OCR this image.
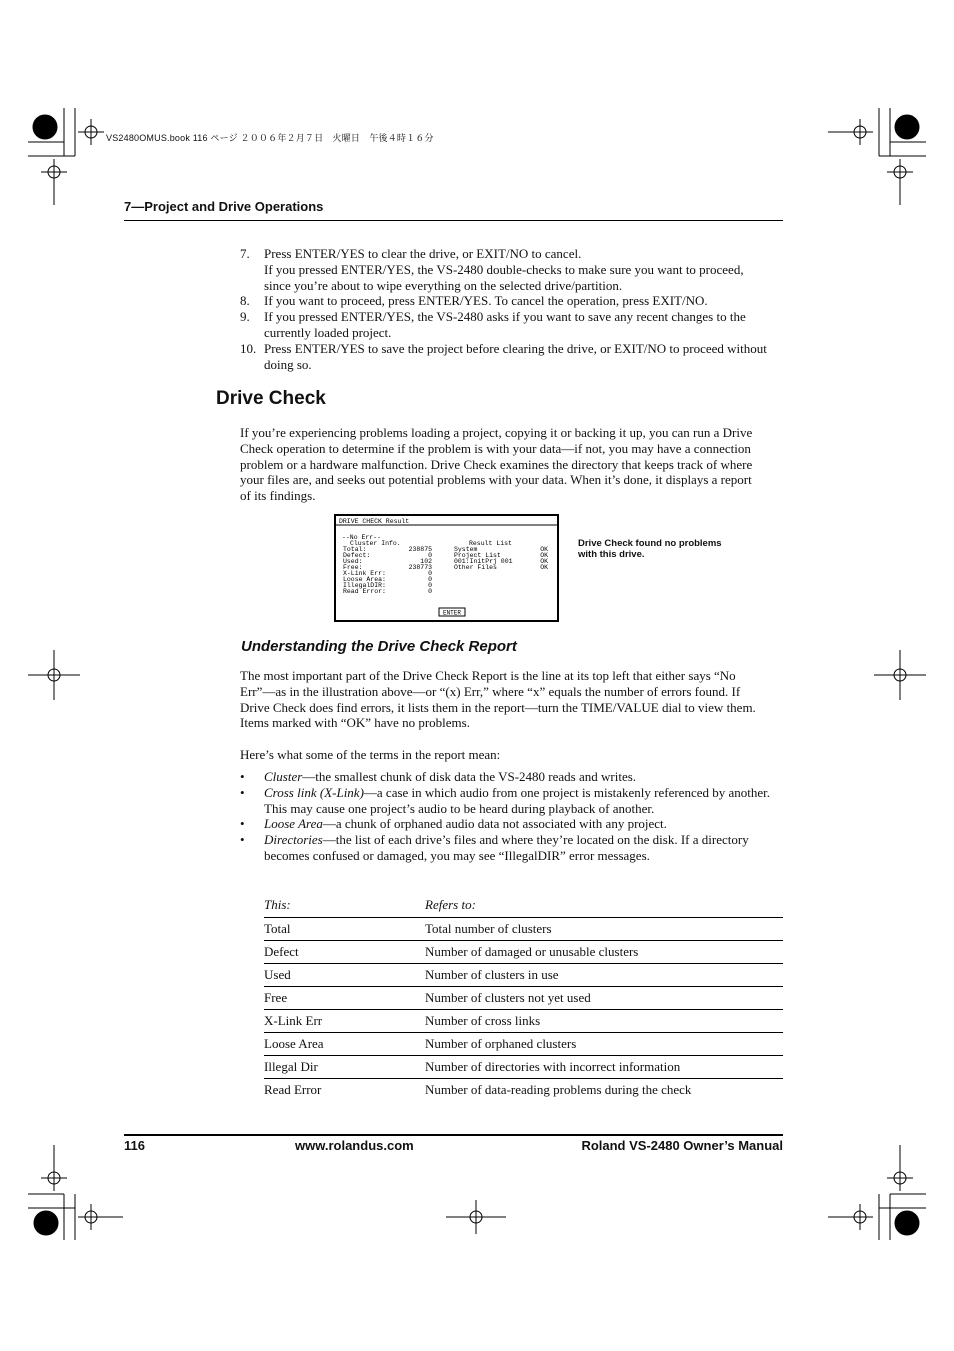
VS2480OMUS.book 116 ページ ２００６年２月７日　火曜日　午後４時１６分
7—Project and Drive Operations
7.	Press ENTER/YES to clear the drive, or EXIT/NO to cancel.
If you pressed ENTER/YES, the VS-2480 double-checks to make sure you want to proceed, since you’re about to wipe everything on the selected drive/partition.
8.	If you want to proceed, press ENTER/YES. To cancel the operation, press EXIT/NO.
9.	If you pressed ENTER/YES, the VS-2480 asks if you want to save any recent changes to the currently loaded project.
10. Press ENTER/YES to save the project before clearing the drive, or EXIT/NO to proceed without doing so.
Drive Check
If you’re experiencing problems loading a project, copying it or backing it up, you can run a Drive Check operation to determine if the problem is with your data—if not, you may have a connection problem or a hardware malfunction. Drive Check examines the directory that keeps track of where your files are, and seeks out potential problems with your data. When it’s done, it displays a report of its findings.
DRIVE CHECK Result
--No Err--
Cluster Info.	Result List
Total:	238875
Defect:	0
Used:	102
Free:	238773
X-Link Err:	0
Loose Area:	0
IllegalDIR:	0
Read Error:	0
System	OK
Project List	OK
001:InitPrj 001	OK
Other Files	OK
ENTER
Drive Check found no problems with this drive.
Understanding the Drive Check Report
The most important part of the Drive Check Report is the line at its top left that either says “No Err”—as in the illustration above—or “(x) Err,” where “x” equals the number of errors found. If Drive Check does find errors, it lists them in the report—turn the TIME/VALUE dial to view them. Items marked with “OK” have no problems.
Here’s what some of the terms in the report mean:
•	Cluster—the smallest chunk of disk data the VS-2480 reads and writes.
•	Cross link (X-Link)—a case in which audio from one project is mistakenly referenced by another. This may cause one project’s audio to be heard during playback of another.
•	Loose Area—a chunk of orphaned audio data not associated with any project.
•	Directories—the list of each drive’s files and where they’re located on the disk. If a directory becomes confused or damaged, you may see “IllegalDIR” error messages.
This:	Refers to:
Total	Total number of clusters
Defect	Number of damaged or unusable clusters
Used	Number of clusters in use
Free	Number of clusters not yet used
X-Link Err	Number of cross links
Loose Area	Number of orphaned clusters
Illegal Dir	Number of directories with incorrect information
Read Error	Number of data-reading problems during the check
116	www.rolandus.com	Roland VS-2480 Owner’s Manual
